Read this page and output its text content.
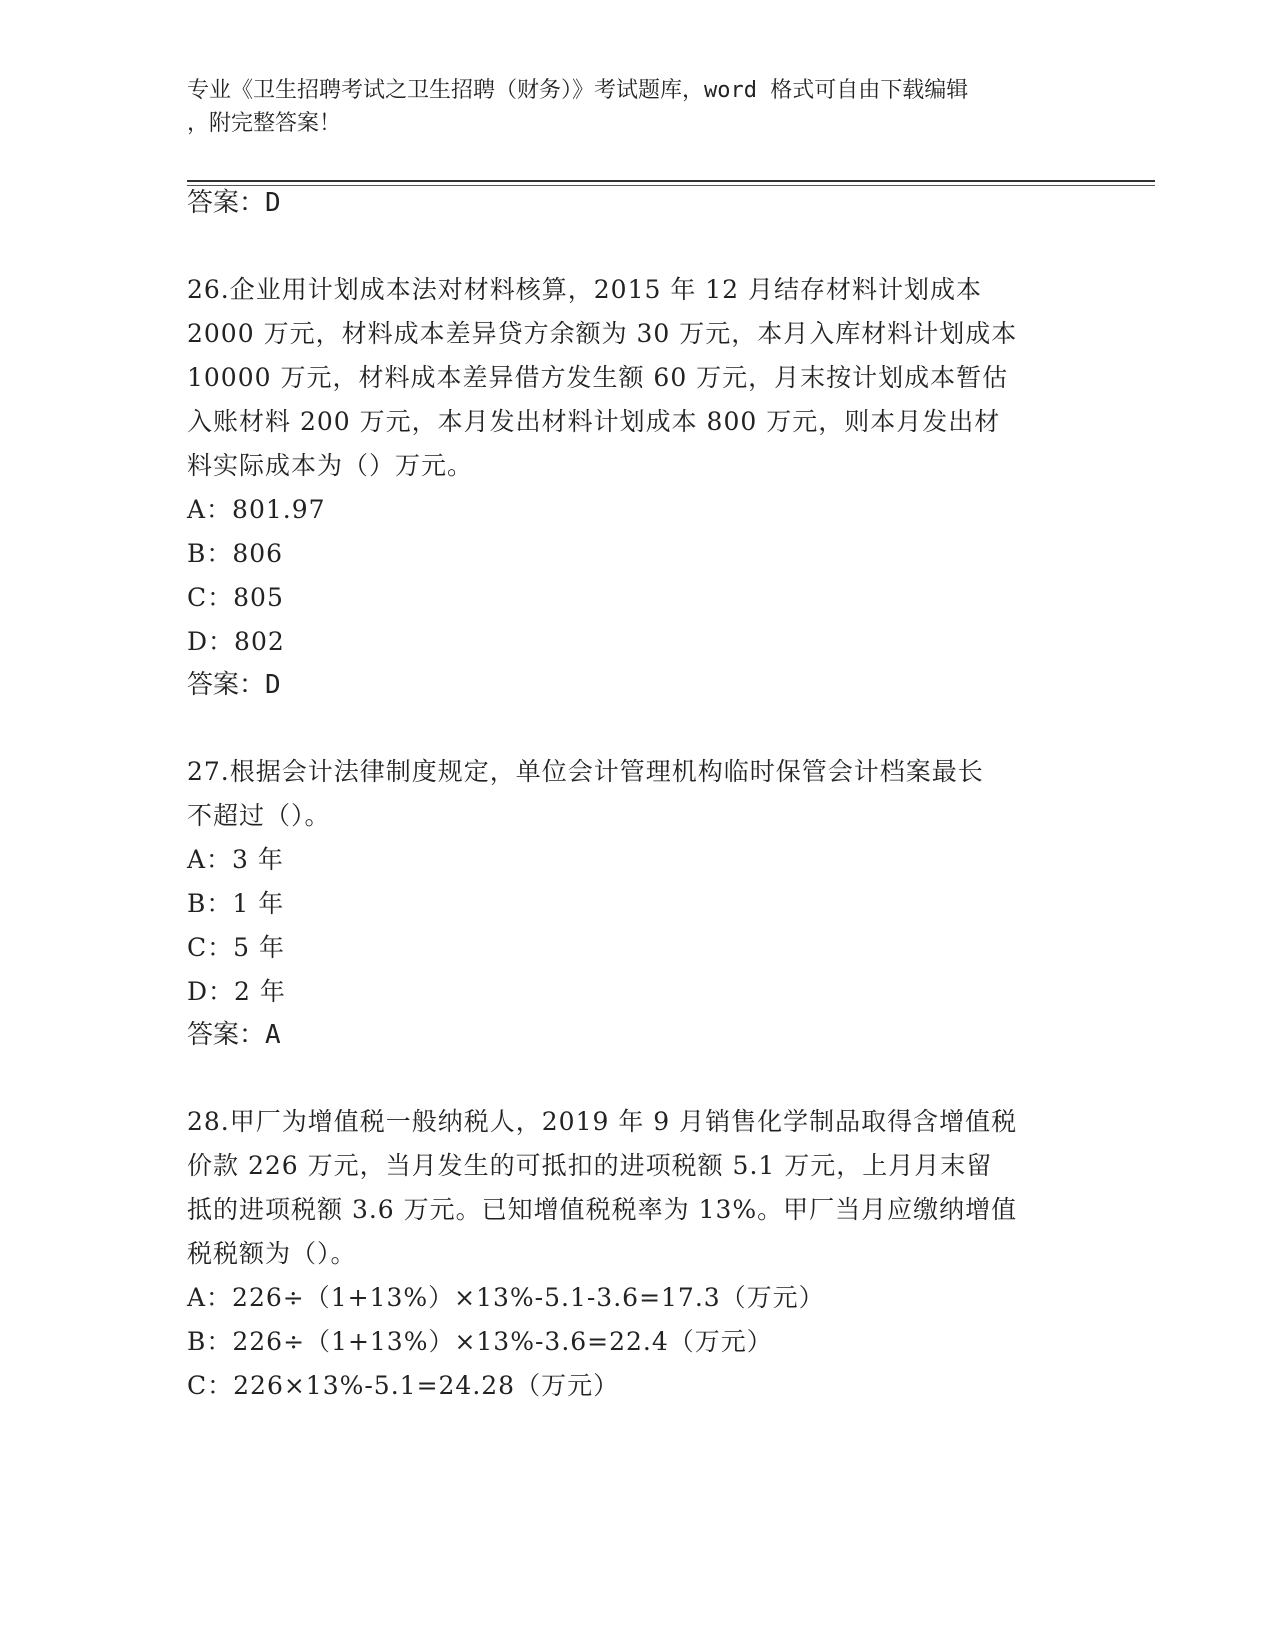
专业《卫生招聘考试之卫生招聘（财务）》考试题库，word 格式可自由下载编辑
，附完整答案！
答案：D
26.企业用计划成本法对材料核算，2015 年 12 月结存材料计划成本
2000 万元，材料成本差异贷方余额为 30 万元，本月入库材料计划成本
10000 万元，材料成本差异借方发生额 60 万元，月末按计划成本暂估
入账材料 200 万元，本月发出材料计划成本 800 万元，则本月发出材
料实际成本为（）万元。
A：801.97
B：806
C：805
D：802
答案：D
27.根据会计法律制度规定，单位会计管理机构临时保管会计档案最长
不超过（）。
A：3 年
B：1 年
C：5 年
D：2 年
答案：A
28.甲厂为增值税一般纳税人，2019 年 9 月销售化学制品取得含增值税
价款 226 万元，当月发生的可抵扣的进项税额 5.1 万元，上月月末留
抵的进项税额 3.6 万元。已知增值税税率为 13%。甲厂当月应缴纳增值
税税额为（）。
A：226÷（1+13%）×13%-5.1-3.6=17.3（万元）
B：226÷（1+13%）×13%-3.6=22.4（万元）
C：226×13%-5.1=24.28（万元）
